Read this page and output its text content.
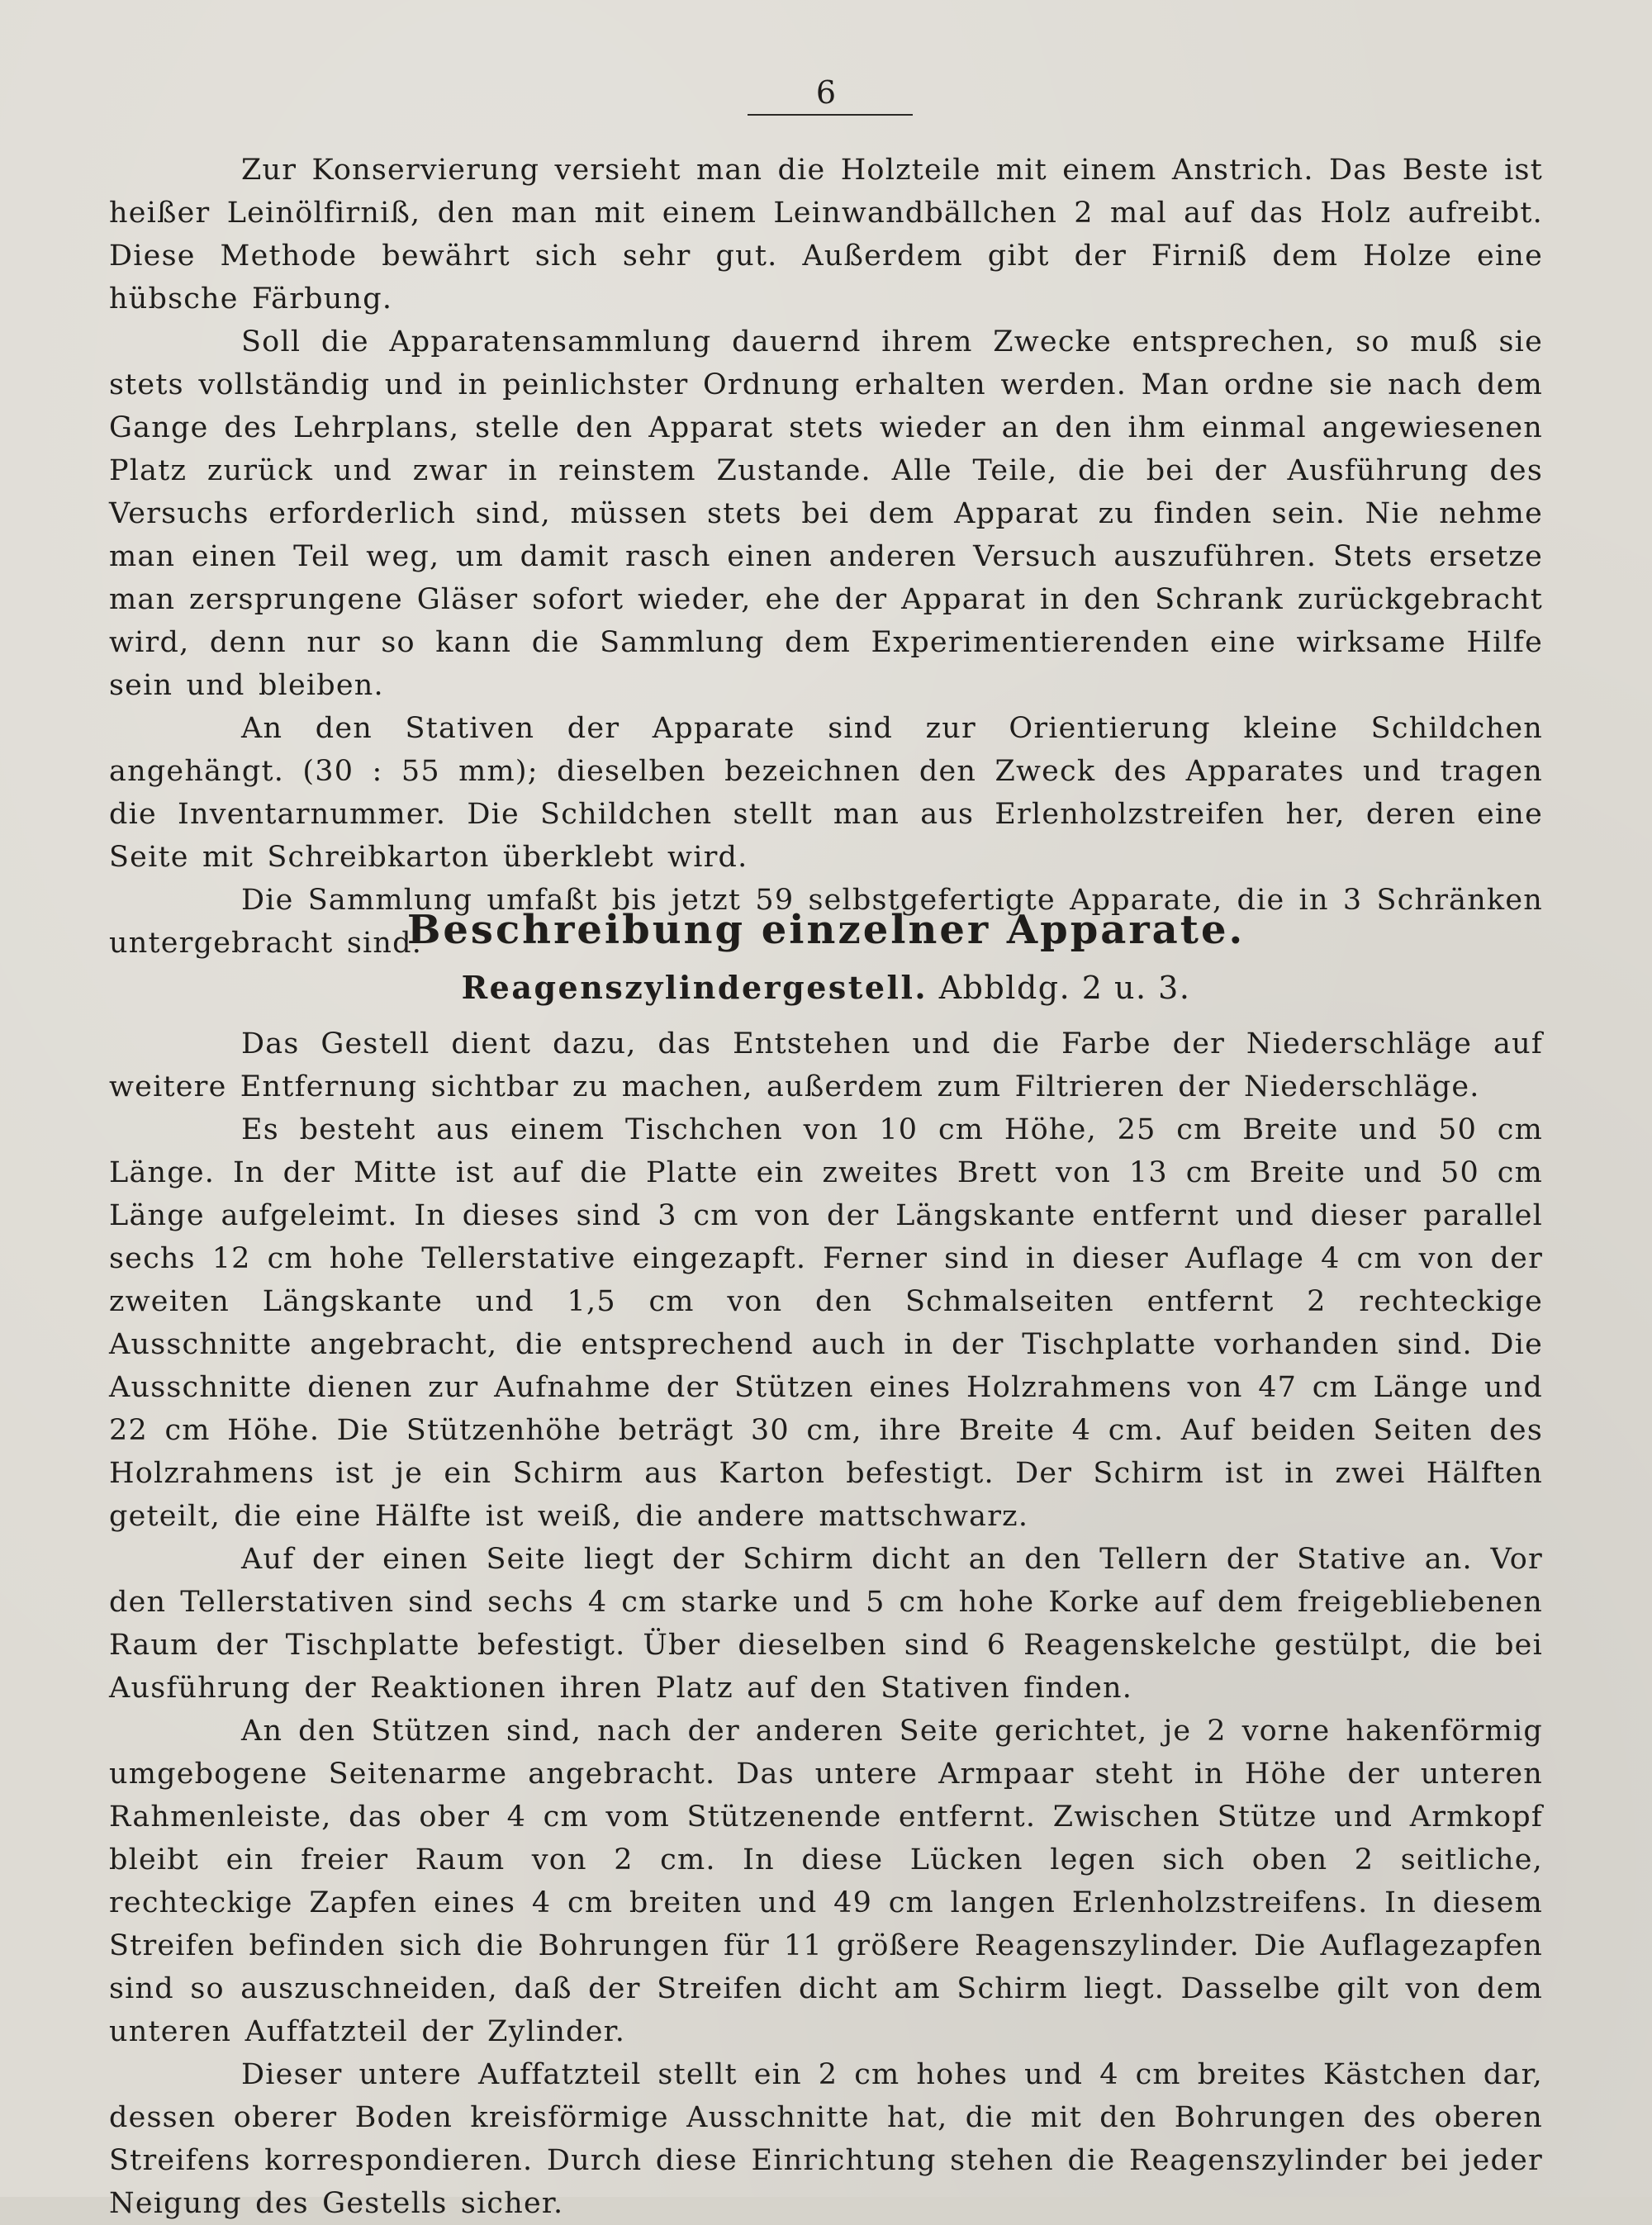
6

Zur Konservierung versieht man die Holzteile mit einem Anstrich. Das Beste ist heißer Leinölfirniß, den man mit einem Leinwandbällchen 2 mal auf das Holz aufreibt. Diese Methode bewährt sich sehr gut. Außerdem gibt der Firniß dem Holze eine hübsche Färbung.

Soll die Apparatensammlung dauernd ihrem Zwecke entsprechen, so muß sie stets vollständig und in peinlichster Ordnung erhalten werden. Man ordne sie nach dem Gange des Lehrplans, stelle den Apparat stets wieder an den ihm einmal angewiesenen Platz zurück und zwar in reinstem Zustande. Alle Teile, die bei der Ausführung des Versuchs erforderlich sind, müssen stets bei dem Apparat zu finden sein. Nie nehme man einen Teil weg, um damit rasch einen anderen Versuch auszuführen. Stets ersetze man zersprungene Gläser sofort wieder, ehe der Apparat in den Schrank zurückgebracht wird, denn nur so kann die Sammlung dem Experimentierenden eine wirksame Hilfe sein und bleiben.

An den Stativen der Apparate sind zur Orientierung kleine Schildchen angehängt. (30 : 55 mm); dieselben bezeichnen den Zweck des Apparates und tragen die Inventarnummer. Die Schildchen stellt man aus Erlenholzstreifen her, deren eine Seite mit Schreibkarton überklebt wird.

Die Sammlung umfaßt bis jetzt 59 selbstgefertigte Apparate, die in 3 Schränken untergebracht sind.

Beschreibung einzelner Apparate.
Reagenszylindergestell. Abbldg. 2 u. 3.

Das Gestell dient dazu, das Entstehen und die Farbe der Niederschläge auf weitere Entfernung sichtbar zu machen, außerdem zum Filtrieren der Niederschläge.

Es besteht aus einem Tischchen von 10 cm Höhe, 25 cm Breite und 50 cm Länge. In der Mitte ist auf die Platte ein zweites Brett von 13 cm Breite und 50 cm Länge aufgeleimt. In dieses sind 3 cm von der Längskante entfernt und dieser parallel sechs 12 cm hohe Tellerstative eingezapft. Ferner sind in dieser Auflage 4 cm von der zweiten Längskante und 1,5 cm von den Schmalseiten entfernt 2 rechteckige Ausschnitte angebracht, die entsprechend auch in der Tischplatte vorhanden sind. Die Ausschnitte dienen zur Aufnahme der Stützen eines Holzrahmens von 47 cm Länge und 22 cm Höhe. Die Stützenhöhe beträgt 30 cm, ihre Breite 4 cm. Auf beiden Seiten des Holzrahmens ist je ein Schirm aus Karton befestigt. Der Schirm ist in zwei Hälften geteilt, die eine Hälfte ist weiß, die andere mattschwarz.

Auf der einen Seite liegt der Schirm dicht an den Tellern der Stative an. Vor den Tellerstativen sind sechs 4 cm starke und 5 cm hohe Korke auf dem freigebliebenen Raum der Tischplatte befestigt. Über dieselben sind 6 Reagenskelche gestülpt, die bei Ausführung der Reaktionen ihren Platz auf den Stativen finden.

An den Stützen sind, nach der anderen Seite gerichtet, je 2 vorne hakenförmig umgebogene Seitenarme angebracht. Das untere Armpaar steht in Höhe der unteren Rahmenleiste, das ober 4 cm vom Stützenende entfernt. Zwischen Stütze und Armkopf bleibt ein freier Raum von 2 cm. In diese Lücken legen sich oben 2 seitliche, rechteckige Zapfen eines 4 cm breiten und 49 cm langen Erlenholzstreifens. In diesem Streifen befinden sich die Bohrungen für 11 größere Reagenszylinder. Die Auflagezapfen sind so auszuschneiden, daß der Streifen dicht am Schirm liegt. Dasselbe gilt von dem unteren Auffatzteil der Zylinder.

Dieser untere Auffatzteil stellt ein 2 cm hohes und 4 cm breites Kästchen dar, dessen oberer Boden kreisförmige Ausschnitte hat, die mit den Bohrungen des oberen Streifens korrespondieren. Durch diese Einrichtung stehen die Reagenszylinder bei jeder Neigung des Gestells sicher.
